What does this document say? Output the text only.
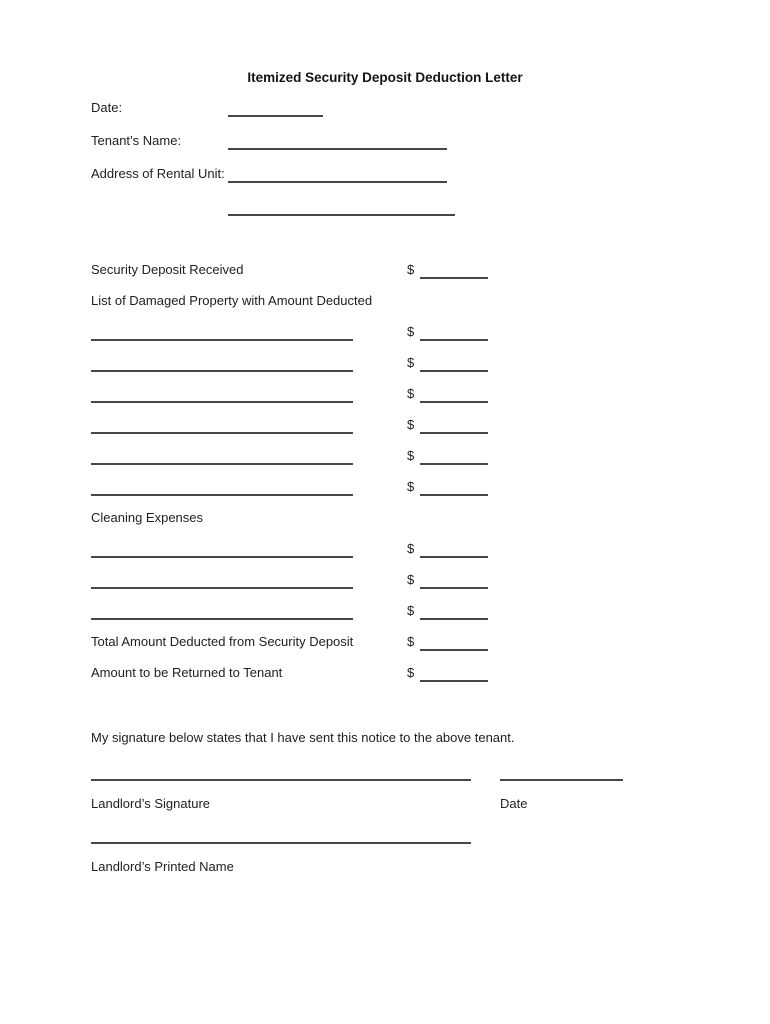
Itemized Security Deposit Deduction Letter
Date:
Tenant’s Name:
Address of Rental Unit:
Security Deposit Received	$
List of Damaged Property with Amount Deducted
$
$
$
$
$
$
Cleaning Expenses
$
$
$
Total Amount Deducted from Security Deposit	$
Amount to be Returned to Tenant	$
My signature below states that I have sent this notice to the above tenant.
Landlord’s Signature	Date
Landlord’s Printed Name
